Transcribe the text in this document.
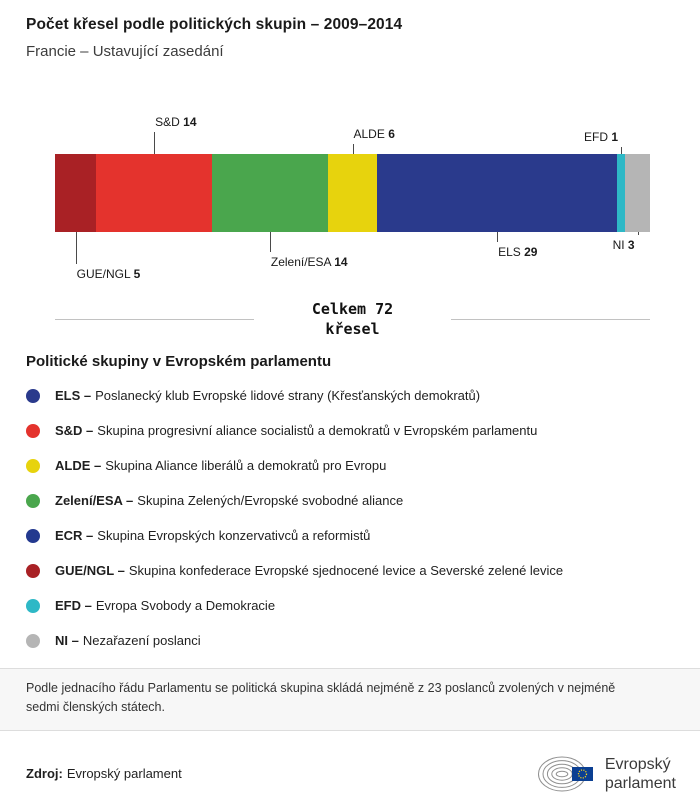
Počet křesel podle politických skupin – 2009–2014
Francie – Ustavující zasedání
GUE/NGL 5
S&D 14
Zelení/ESA 14
ALDE 6
ELS 29
EFD 1
NI 3
Celkem 72
křesel
Politické skupiny v Evropském parlamentu
ELS – Poslanecký klub Evropské lidové strany (Křesťanských demokratů)
S&D – Skupina progresivní aliance socialistů a demokratů v Evropském parlamentu
ALDE – Skupina Aliance liberálů a demokratů pro Evropu
Zelení/ESA – Skupina Zelených/Evropské svobodné aliance
ECR – Skupina Evropských konzervativců a reformistů
GUE/NGL – Skupina konfederace Evropské sjednocené levice a Severské zelené levice
EFD – Evropa Svobody a Demokracie
NI – Nezařazení poslanci
Podle jednacího řádu Parlamentu se politická skupina skládá nejméně z 23 poslanců zvolených v nejméně sedmi členských státech.
Zdroj: Evropský parlament
Evropský
parlament
